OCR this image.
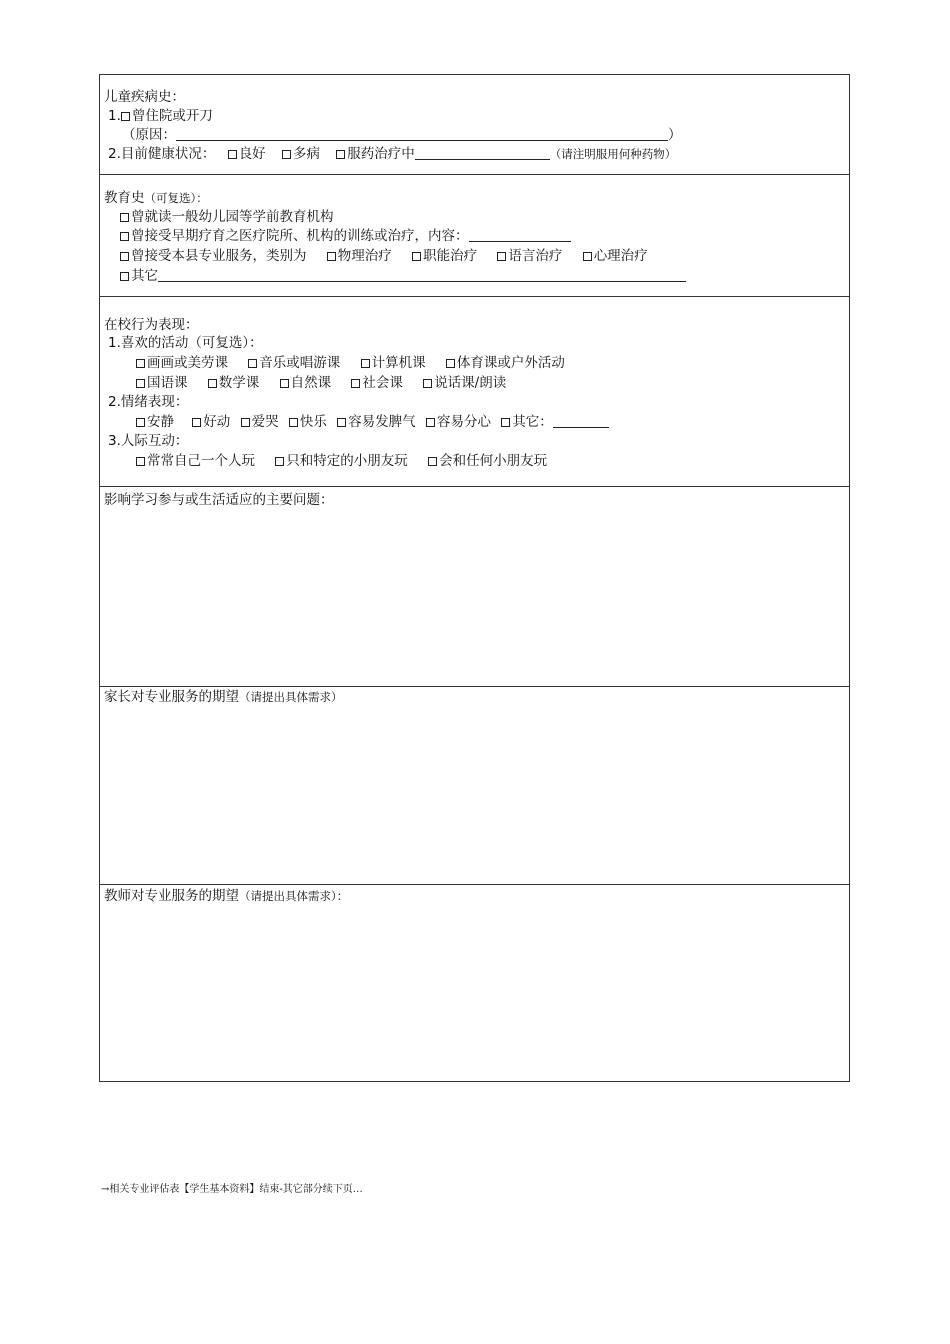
儿童疾病史：
1. 曾住院或开刀
（原因：	）
2.目前健康状况： 良好 多病 服药治疗中	（请注明服用何种药物）
教育史（可复选）：
曾就读一般幼儿园等学前教育机构
曾接受早期疗育之医疗院所、机构的训练或治疗，内容：
曾接受本县专业服务，类别为 物理治疗 职能治疗 语言治疗 心理治疗
其它
在校行为表现：
1.喜欢的活动（可复选）：
画画或美劳课 音乐或唱游课 计算机课 体育课或户外活动
国语课 数学课 自然课 社会课 说话课/朗读
2.情绪表现：
安静 好动 爱哭 快乐 容易发脾气 容易分心 其它：
3.人际互动：
常常自己一个人玩 只和特定的小朋友玩 会和任何小朋友玩
影响学习参与或生活适应的主要问题：
家长对专业服务的期望（请提出具体需求）
教师对专业服务的期望（请提出具体需求）：
→相关专业评估表【学生基本资料】结束-其它部分续下页…
